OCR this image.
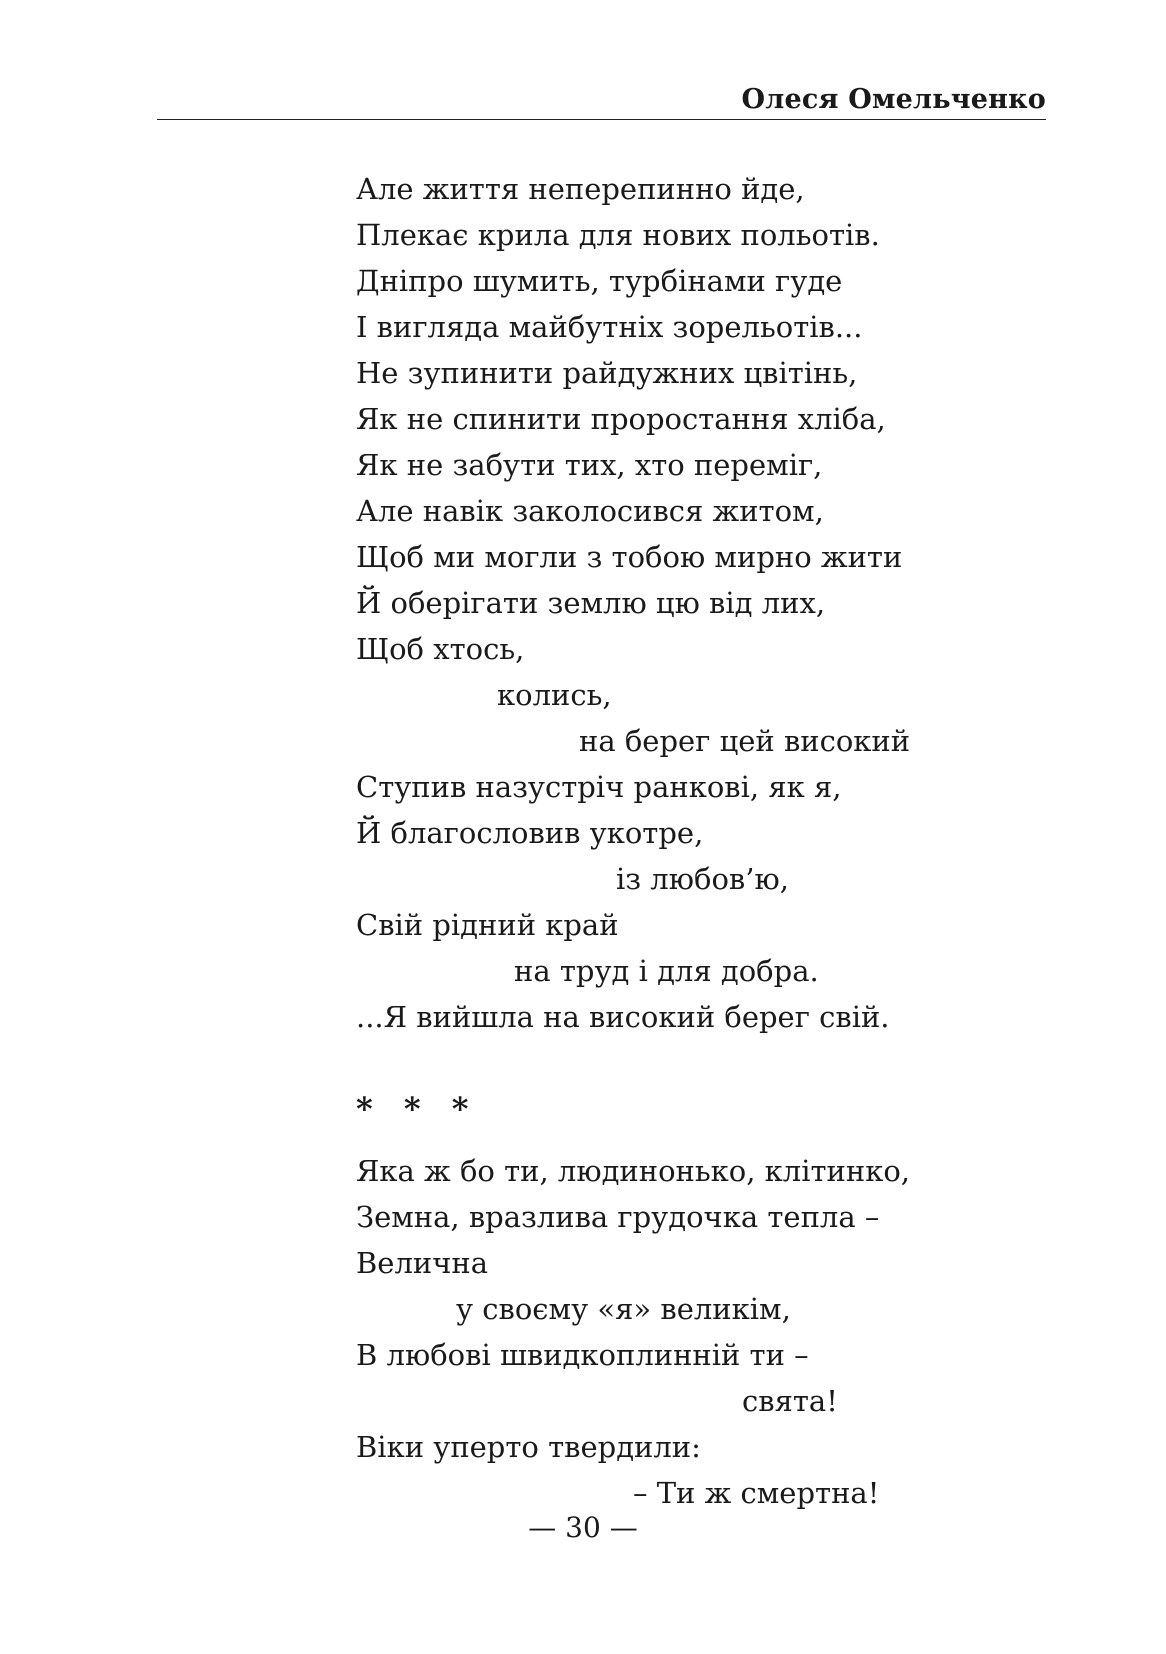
Олеся Омельченко
Але життя неперепинно йде,
Плекає крила для нових польотів.
Дніпро шумить, турбінами гуде
І вигляда майбутніх зорельотів...
Не зупинити райдужних цвітінь,
Як не спинити проростання хліба,
Як не забути тих, хто переміг,
Але навік заколосився житом,
Щоб ми могли з тобою мирно жити
Й оберігати землю цю від лих,
Щоб хтось,
колись,
на берег цей високий
Ступив назустріч ранкові, як я,
Й благословив укотре,
із любов’ю,
Свій рідний край
на труд і для добра.
...Я вийшла на високий берег свій.
* * *
Яка ж бо ти, людинонько, клітинко,
Земна, вразлива грудочка тепла –
Велична
у своєму «я» великім,
В любові швидкоплинній ти –
свята!
Віки уперто твердили:
– Ти ж смертна!
— 30 —
